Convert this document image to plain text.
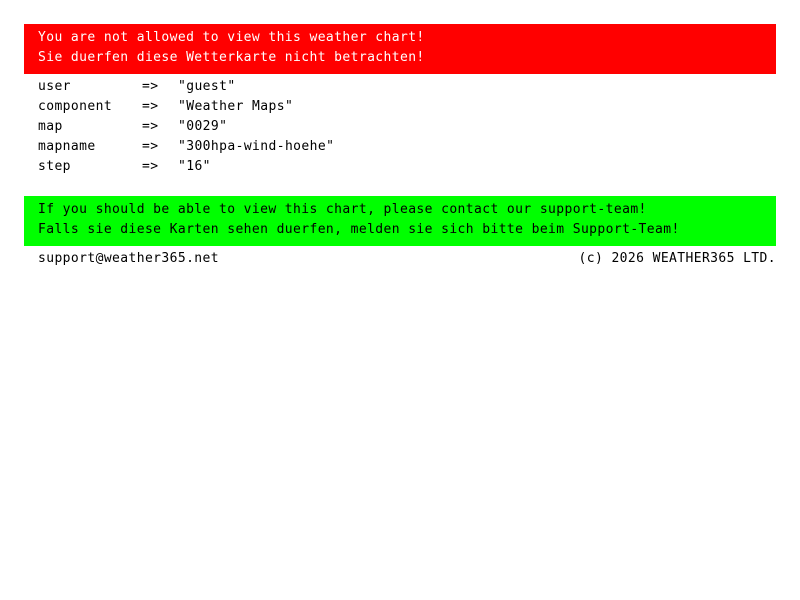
You are not allowed to view this weather chart!
Sie duerfen diese Wetterkarte nicht betrachten!
user	=>	"guest"
component	=>	"Weather Maps"
map	=>	"0029"
mapname	=>	"300hpa-wind-hoehe"
step	=>	"16"
If you should be able to view this chart, please contact our support-team!
Falls sie diese Karten sehen duerfen, melden sie sich bitte beim Support-Team!
support@weather365.net	(c) 2026 WEATHER365 LTD.
